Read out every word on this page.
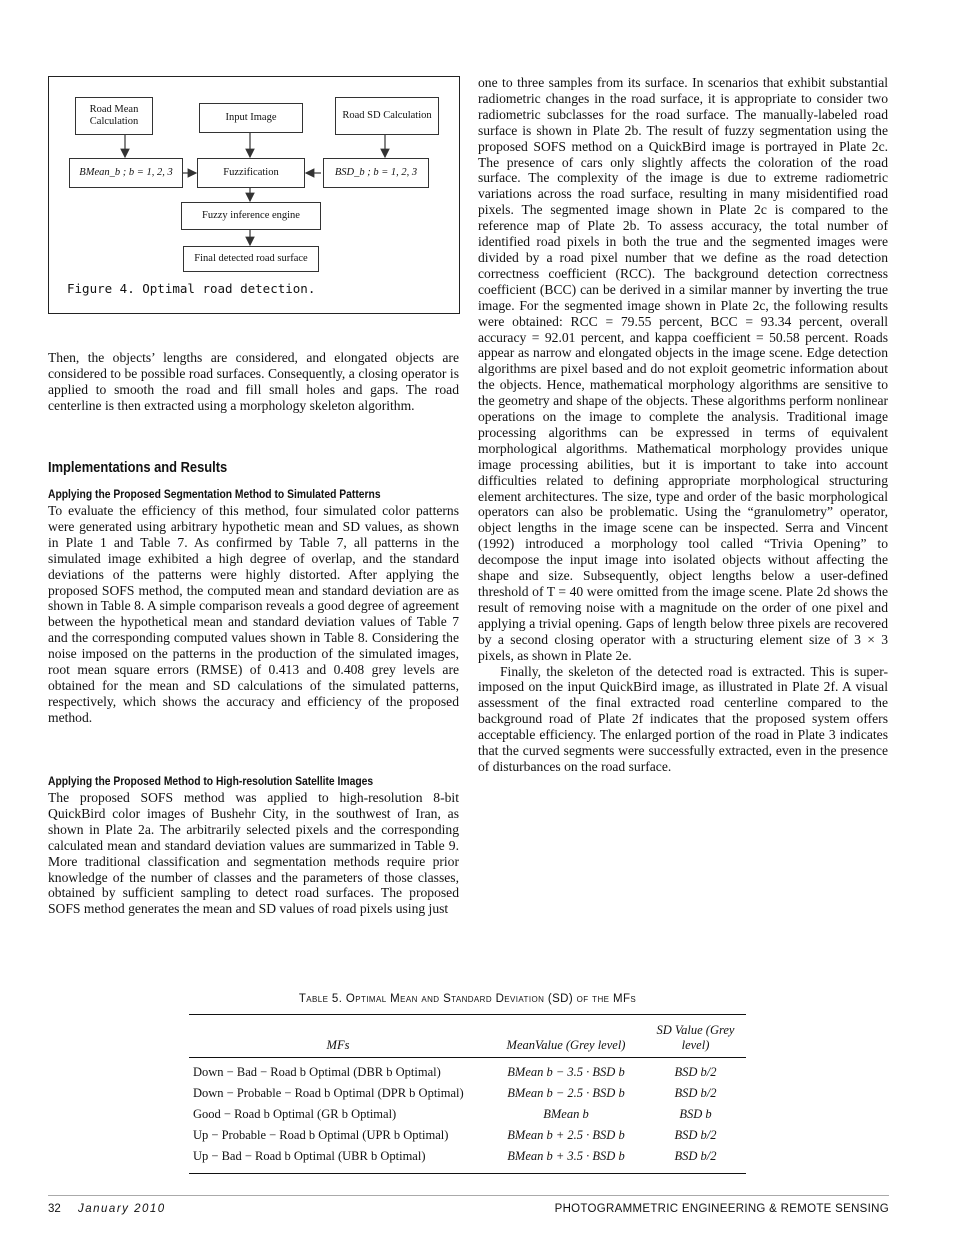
Road Mean Calculation	Input Image	Road SD Calculation
BMean_b ; b = 1, 2, 3	Fuzzification	BSD_b ; b = 1, 2, 3
Fuzzy inference engine
Final detected road surface
Figure 4. Optimal road detection.

Then, the objects’ lengths are considered, and elongated objects are considered to be possible road surfaces. Consequently, a closing operator is applied to smooth the road and fill small holes and gaps. The road centerline is then extracted using a morphology skeleton algorithm.

Implementations and Results
Applying the Proposed Segmentation Method to Simulated Patterns

To evaluate the efficiency of this method, four simulated color patterns were generated using arbitrary hypothetic mean and SD values, as shown in Plate 1 and Table 7. As confirmed by Table 7, all patterns in the simulated image exhibited a high degree of overlap, and the standard deviations of the patterns were highly distorted. After applying the proposed SOFS method, the computed mean and standard deviation are as shown in Table 8. A simple comparison reveals a good degree of agreement between the hypothetical mean and standard deviation values of Table 7 and the corresponding computed values shown in Table 8. Considering the noise imposed on the patterns in the production of the simulated images, root mean square errors (RMSE) of 0.413 and 0.408 grey levels are obtained for the mean and SD calculations of the simulated patterns, respectively, which shows the accuracy and efficiency of the proposed method.

Applying the Proposed Method to High-resolution Satellite Images

The proposed SOFS method was applied to high-resolution 8-bit QuickBird color images of Bushehr City, in the southwest of Iran, as shown in Plate 2a. The arbitrarily selected pixels and the corresponding calculated mean and standard deviation values are summarized in Table 9. More traditional classification and segmentation methods require prior knowledge of the number of classes and the parameters of those classes, obtained by sufficient sampling to detect road surfaces. The proposed SOFS method generates the mean and SD values of road pixels using just

one to three samples from its surface. In scenarios that exhibit substantial radiometric changes in the road surface, it is appropriate to consider two radiometric subclasses for the road surface. The manually-labeled road surface is shown in Plate 2b. The result of fuzzy segmentation using the proposed SOFS method on a QuickBird image is portrayed in Plate 2c. The presence of cars only slightly affects the coloration of the road surface. The complexity of the image is due to extreme radiometric variations across the road surface, resulting in many misidentified road pixels. The segmented image shown in Plate 2c is compared to the reference map of Plate 2b. To assess accuracy, the total number of identified road pixels in both the true and the segmented images were divided by a road pixel number that we define as the road detection correctness coefficient (RCC). The background detection correctness coefficient (BCC) can be derived in a similar manner by inverting the true image. For the segmented image shown in Plate 2c, the following results were obtained: RCC = 79.55 percent, BCC = 93.34 percent, overall accuracy = 92.01 percent, and kappa coefficient = 50.58 percent. Roads appear as narrow and elongated objects in the image scene. Edge detection algorithms are pixel based and do not exploit geometric information about the objects. Hence, mathematical morphology algorithms are sensitive to the geometry and shape of the objects. These algorithms perform nonlinear operations on the image to complete the analysis. Traditional image processing algorithms can be expressed in terms of equivalent morphological algorithms. Mathematical morphology provides unique image processing abilities, but it is important to take into account difficulties related to defining appropriate morphological structuring element architectures. The size, type and order of the basic morphological operators can also be problematic. Using the “granulometry” operator, object lengths in the image scene can be inspected. Serra and Vincent (1992) introduced a morphology tool called “Trivia Opening” to decompose the input image into isolated objects without affecting the shape and size. Subsequently, object lengths below a user-defined threshold of T = 40 were omitted from the image scene. Plate 2d shows the result of removing noise with a magnitude on the order of one pixel and applying a trivial opening. Gaps of length below three pixels are recovered by a second closing operator with a structuring element size of 3 × 3 pixels, as shown in Plate 2e.

Finally, the skeleton of the detected road is extracted. This is super-imposed on the input QuickBird image, as illustrated in Plate 2f. A visual assessment of the final extracted road centerline compared to the background road of Plate 2f indicates that the proposed system offers acceptable efficiency. The enlarged portion of the road in Plate 3 indicates that the curved segments were successfully extracted, even in the presence of disturbances on the road surface.

Table 5. Optimal Mean and Standard Deviation (SD) of the MFs
MFs	MeanValue (Grey level)	SD Value (Grey level)

Down − Bad − Road b Optimal (DBR b Optimal)	BMean b − 3.5 · BSD b	BSD b/2
Down − Probable − Road b Optimal (DPR b Optimal)	BMean b − 2.5 · BSD b	BSD b/2
Good − Road b Optimal (GR b Optimal)	BMean b	BSD b
Up − Probable − Road b Optimal (UPR b Optimal)	BMean b + 2.5 · BSD b	BSD b/2
Up − Bad − Road b Optimal (UBR b Optimal)	BMean b + 3.5 · BSD b	BSD b/2
32 January 2010	PHOTOGRAMMETRIC ENGINEERING & REMOTE SENSING
